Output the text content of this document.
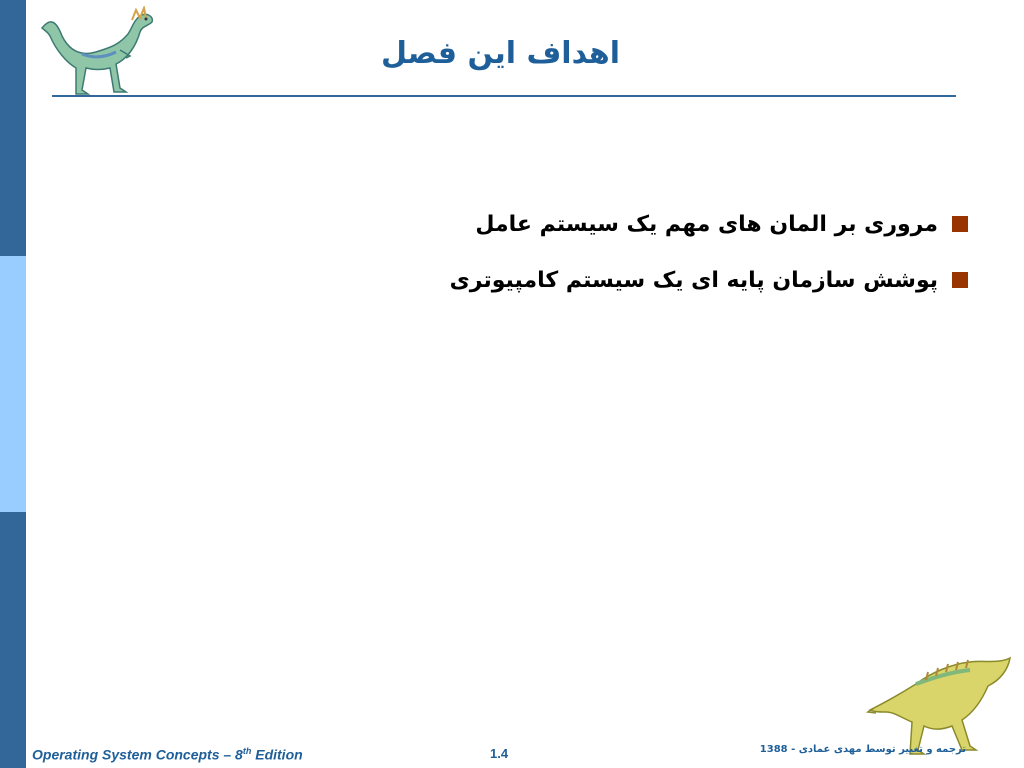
اهداف این فصل
مروری بر المان های مهم یک سیستم عامل
پوشش سازمان پایه ای یک سیستم کامپیوتری
Operating System Concepts – 8th Edition	1.4	ترجمه و تغییر توسط مهدی عمادی - 1388
